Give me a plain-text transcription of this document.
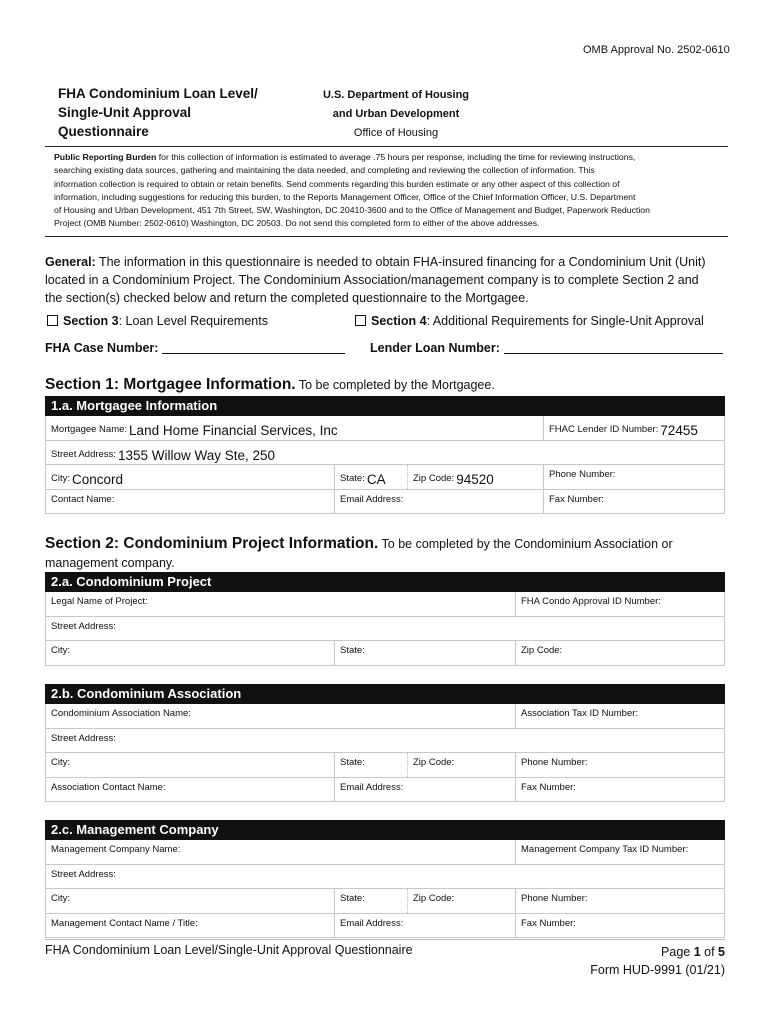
OMB Approval No. 2502-0610
FHA Condominium Loan Level/
Single-Unit Approval
Questionnaire
U.S. Department of Housing
and Urban Development
Office of Housing
Public Reporting Burden for this collection of information is estimated to average .75 hours per response, including the time for reviewing instructions,
searching existing data sources, gathering and maintaining the data needed, and completing and reviewing the collection of information. This
information collection is required to obtain or retain benefits. Send comments regarding this burden estimate or any other aspect of this collection of
information, including suggestions for reducing this burden, to the Reports Management Officer, Office of the Chief Information Officer, U.S. Department
of Housing and Urban Development, 451 7th Street, SW, Washington, DC 20410-3600 and to the Office of Management and Budget, Paperwork Reduction
Project (OMB Number: 2502-0610) Washington, DC 20503. Do not send this completed form to either of the above addresses.
General: The information in this questionnaire is needed to obtain FHA-insured financing for a Condominium Unit (Unit)
located in a Condominium Project. The Condominium Association/management company is to complete Section 2 and
the section(s) checked below and return the completed questionnaire to the Mortgagee.
Section 3: Loan Level Requirements	Section 4: Additional Requirements for Single-Unit Approval
FHA Case Number:	Lender Loan Number:
Section 1: Mortgagee Information. To be completed by the Mortgagee.
1.a. Mortgagee Information
Mortgagee Name: Land Home Financial Services, Inc	FHAC Lender ID Number: 72455
Street Address: 1355 Willow Way Ste, 250
City: Concord	State: CA	Zip Code: 94520	Phone Number:
Contact Name:	Email Address:	Fax Number:
Section 2: Condominium Project Information. To be completed by the Condominium Association or
management company.
2.a. Condominium Project
Legal Name of Project:	FHA Condo Approval ID Number:
Street Address:
City:	State:	Zip Code:
2.b. Condominium Association
Condominium Association Name:	Association Tax ID Number:
Street Address:
City:	State:	Zip Code:	Phone Number:
Association Contact Name:	Email Address:	Fax Number:
2.c. Management Company
Management Company Name:	Management Company Tax ID Number:
Street Address:
City:	State:	Zip Code:	Phone Number:
Management Contact Name / Title:	Email Address:	Fax Number:
FHA Condominium Loan Level/Single-Unit Approval Questionnaire	Page 1 of 5
Form HUD-9991 (01/21)
